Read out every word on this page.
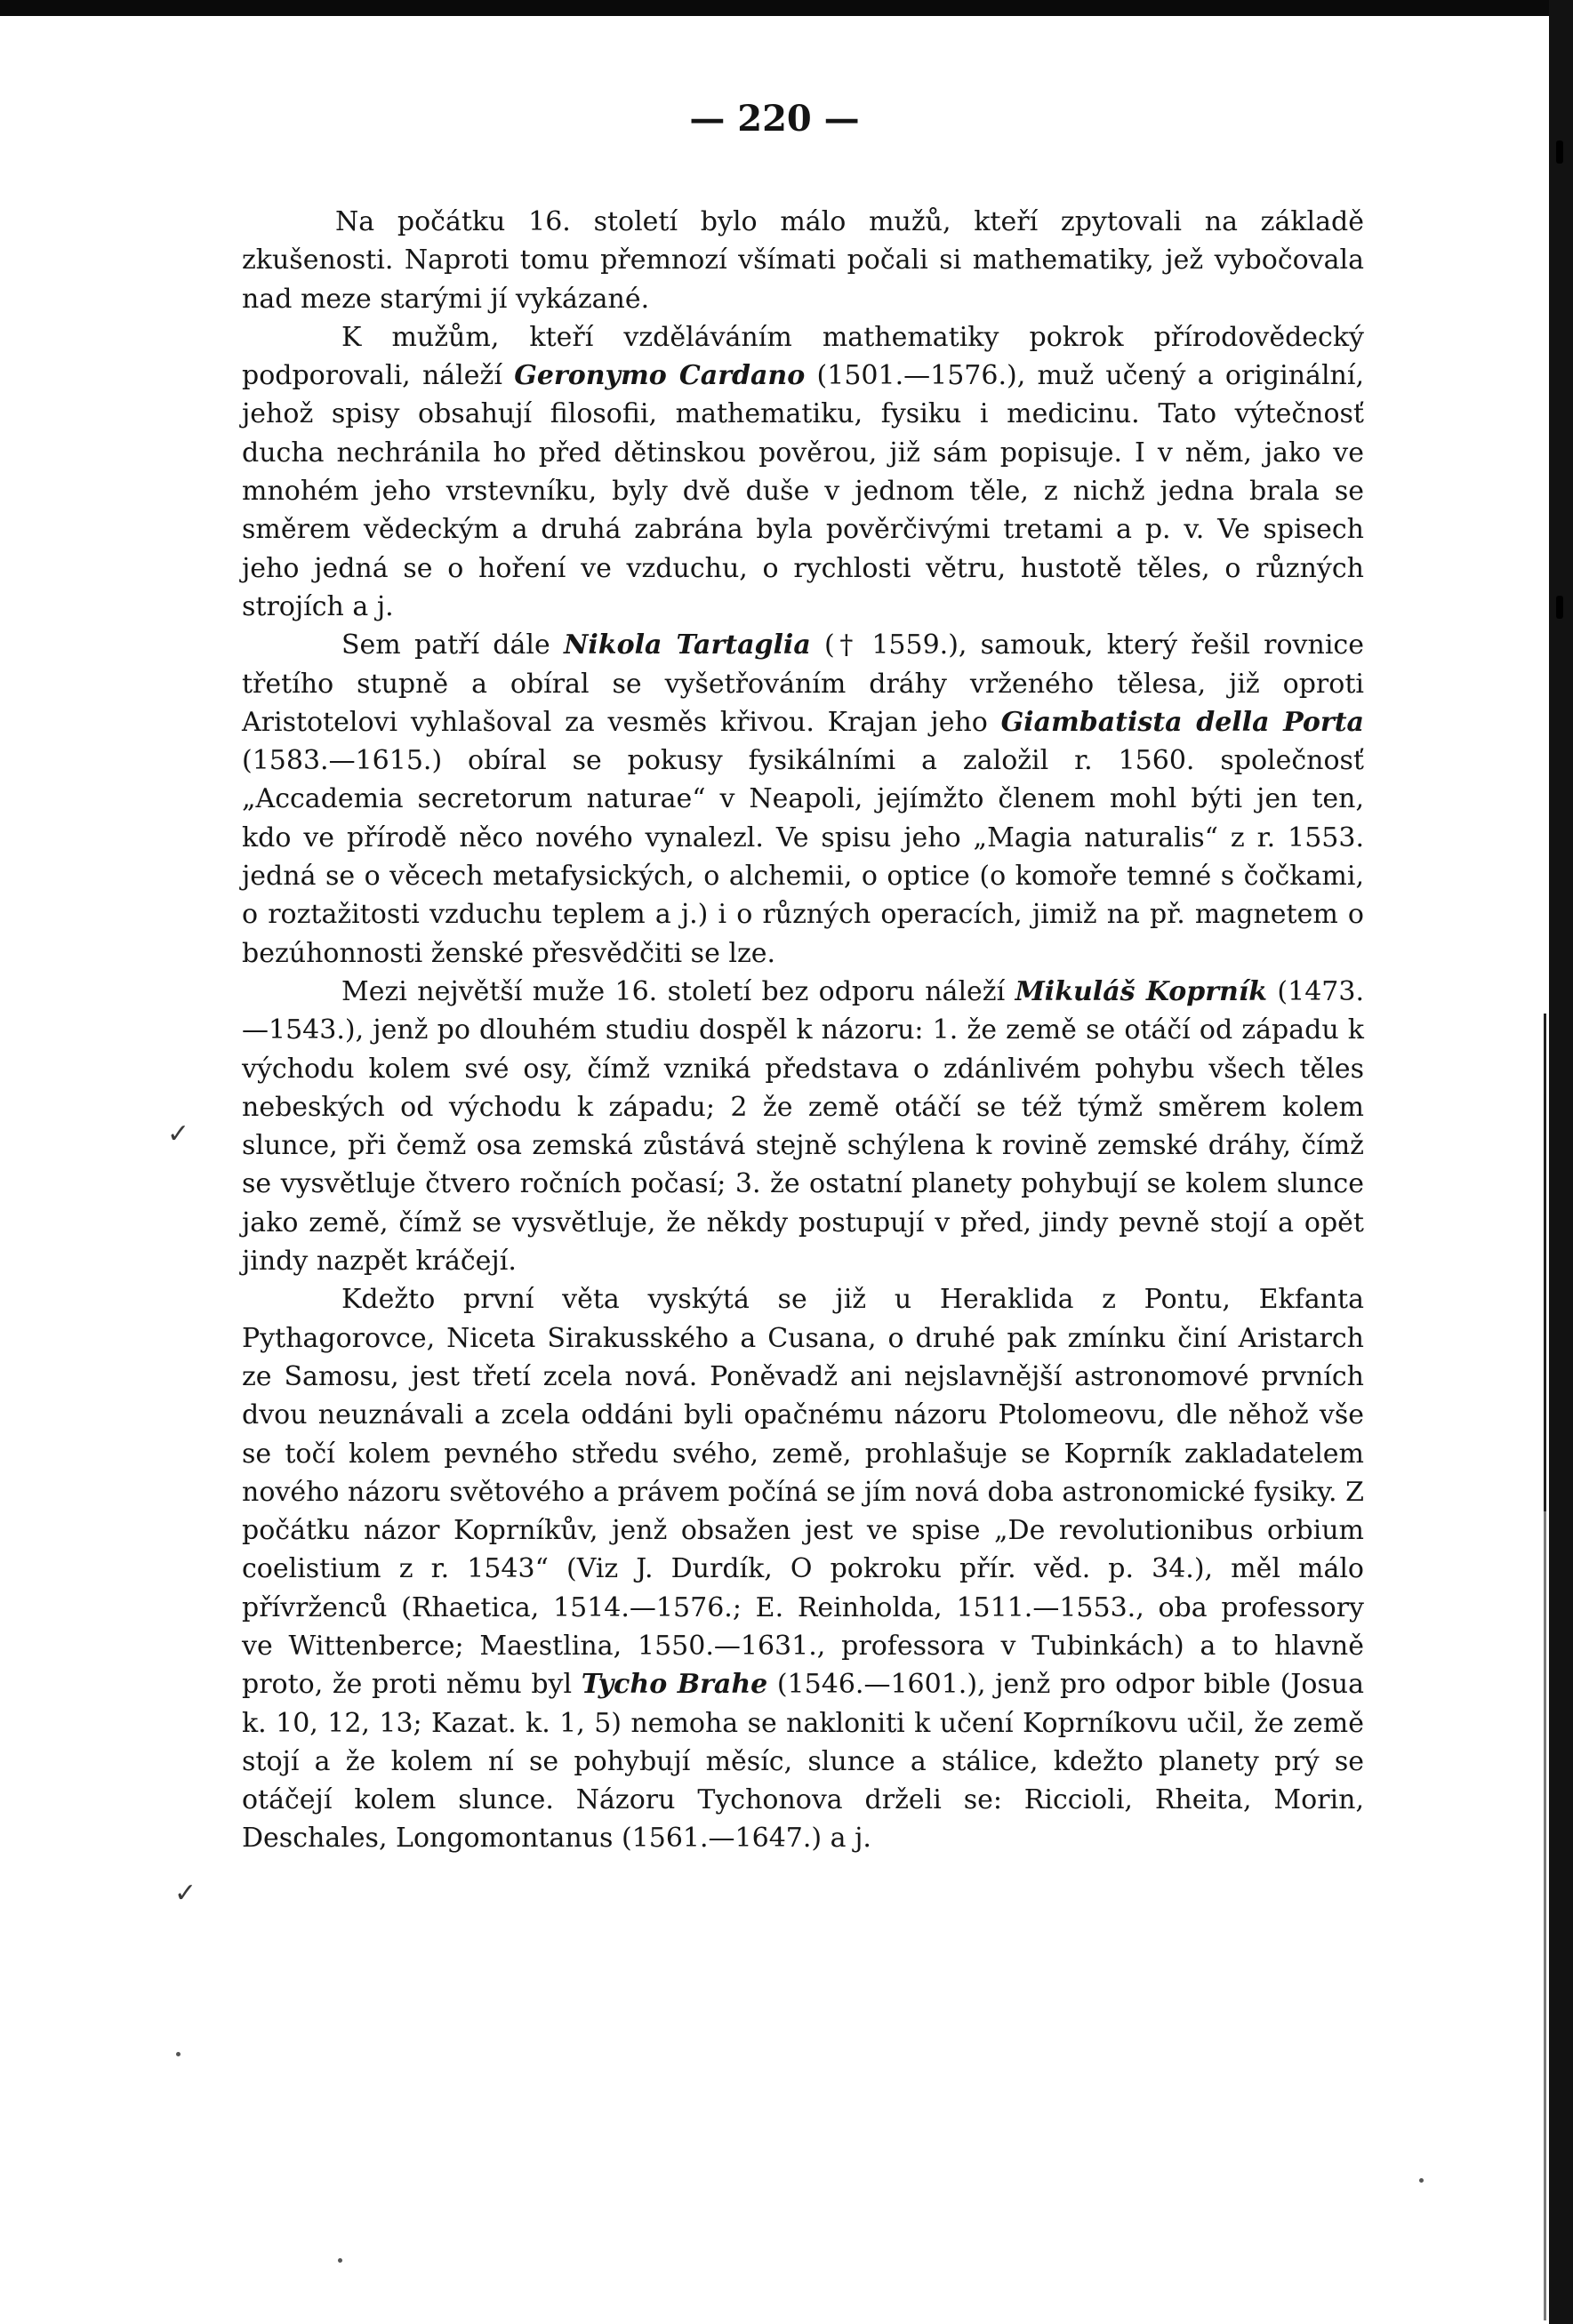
— 220 —

Na počátku 16. století bylo málo mužů, kteří zpytovali na základě zkušenosti. Naproti tomu přemnozí všímati počali si mathematiky, jež vybočovala nad meze starými jí vykázané.

K mužům, kteří vzděláváním mathematiky pokrok přírodovědecký podporovali, náleží Geronymo Cardano (1501.—1576.), muž učený a originální, jehož spisy obsahují filosofii, mathematiku, fysiku i medicinu. Tato výtečnosť ducha nechránila ho před dětinskou pověrou, již sám popisuje. I v něm, jako ve mnohém jeho vrstevníku, byly dvě duše v jednom těle, z nichž jedna brala se směrem vědeckým a druhá zabrána byla pověrčivými tretami a p. v. Ve spisech jeho jedná se o hoření ve vzduchu, o rychlosti větru, hustotě těles, o různých strojích a j.

Sem patří dále Nikola Tartaglia († 1559.), samouk, který řešil rovnice třetího stupně a obíral se vyšetřováním dráhy vrženého tělesa, již oproti Aristotelovi vyhlašoval za vesměs křivou. Krajan jeho Giambatista della Porta (1583.—1615.) obíral se pokusy fysikálními a založil r. 1560. společnosť „Accademia secretorum naturae“ v Neapoli, jejímžto členem mohl býti jen ten, kdo ve přírodě něco nového vynalezl. Ve spisu jeho „Magia naturalis“ z r. 1553. jedná se o věcech metafysických, o alchemii, o optice (o komoře temné s čočkami, o roztažitosti vzduchu teplem a j.) i o různých operacích, jimiž na př. magnetem o bezúhonnosti ženské přesvědčiti se lze.

Mezi největší muže 16. století bez odporu náleží Mikuláš Koprník (1473.—1543.), jenž po dlouhém studiu dospěl k názoru: 1. že země se otáčí od západu k východu kolem své osy, čímž vzniká představa o zdánlivém pohybu všech těles nebeských od východu k západu; 2 že země otáčí se též týmž směrem kolem slunce, při čemž osa zemská zůstává stejně schýlena k rovině zemské dráhy, čímž se vysvětluje čtvero ročních počasí; 3. že ostatní planety pohybují se kolem slunce jako země, čímž se vysvětluje, že někdy postupují v před, jindy pevně stojí a opět jindy nazpět kráčejí.

Kdežto první věta vyskýtá se již u Heraklida z Pontu, Ekfanta Pythagorovce, Niceta Sirakusského a Cusana, o druhé pak zmínku činí Aristarch ze Samosu, jest třetí zcela nová. Poněvadž ani nejslavnější astronomové prvních dvou neuznávali a zcela oddáni byli opačnému názoru Ptolomeovu, dle něhož vše se točí kolem pevného středu svého, země, prohlašuje se Koprník zakladatelem nového názoru světového a právem počíná se jím nová doba astronomické fysiky. Z počátku názor Koprníkův, jenž obsažen jest ve spise „De revolutionibus orbium coelistium z r. 1543“ (Viz J. Durdík, O pokroku přír. věd. p. 34.), měl málo přívrženců (Rhaetica, 1514.—1576.; E. Reinholda, 1511.—1553., oba professory ve Wittenberce; Maestlina, 1550.—1631., professora v Tubinkách) a to hlavně proto, že proti němu byl Tycho Brahe (1546.—1601.), jenž pro odpor bible (Josua k. 10, 12, 13; Kazat. k. 1, 5) nemoha se nakloniti k učení Koprníkovu učil, že země stojí a že kolem ní se pohybují měsíc, slunce a stálice, kdežto planety prý se otáčejí kolem slunce. Názoru Tychonova drželi se: Riccioli, Rheita, Morin, Deschales, Longomontanus (1561.—1647.) a j.

✓
✓
